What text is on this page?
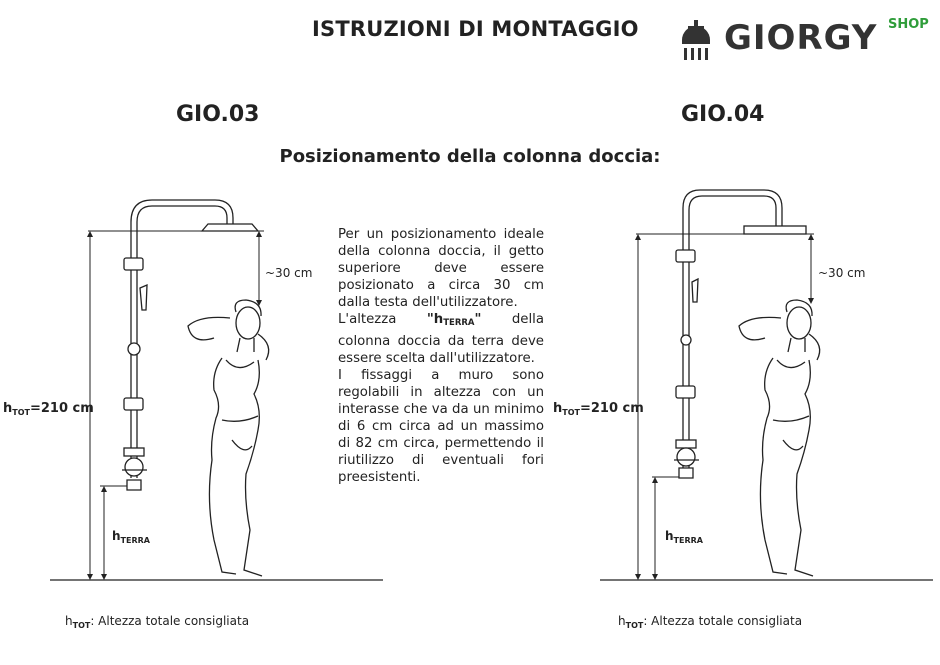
ISTRUZIONI DI MONTAGGIO	GIORGY SHOP
GIO.03	GIO.04
Posizionamento della colonna doccia:

Per un posizionamento ideale della colonna doccia, il getto superiore deve essere posizionato a circa 30 cm dalla testa dell'utilizzatore.

L'altezza "$h_{TERRA}$" della colonna doccia da terra deve essere scelta dall'utilizzatore.

I fissaggi a muro sono regolabili in altezza con un interasse che va da un minimo di 6 cm circa ad un massimo di 82 cm circa, permettendo il riutilizzo di eventuali fori preesistenti.

~30 cm
$h_{TOT}=210$ cm
$h_{TERRA}$
$h_{TOT}$: Altezza totale consigliata
~30 cm
$h_{TOT}=210$ cm
$h_{TERRA}$
$h_{TOT}$: Altezza totale consigliata
